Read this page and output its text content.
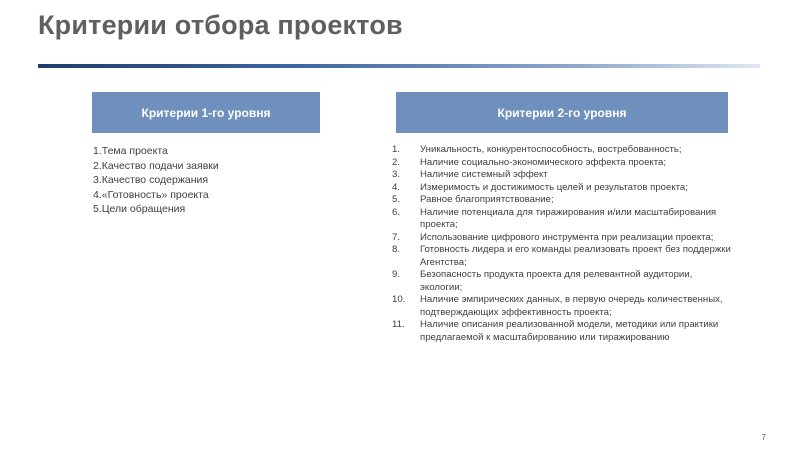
Критерии отбора проектов
Критерии 1-го уровня	Критерии 2-го уровня
1.Тема проекта
2.Качество подачи заявки
3.Качество содержания
4.«Готовность» проекта
5.Цели обращения
1.	Уникальность, конкурентоспособность, востребованность;
2.	Наличие социально-экономического эффекта проекта;
3.	Наличие системный эффект
4.	Измеримость и достижимость целей и результатов проекта;
5.	Равное благоприятствование;
6.	Наличие потенциала для тиражирования и/или масштабирования проекта;
7.	Использование цифрового инструмента при реализации проекта;
8.	Готовность лидера и его команды реализовать проект без поддержки Агентства;
9.	Безопасность продукта проекта для релевантной аудитории, экологии;
10.	Наличие эмпирических данных, в первую очередь количественных, подтверждающих эффективность проекта;
11.	Наличие описания реализованной модели, методики или практики предлагаемой к масштабированию или тиражированию
7
